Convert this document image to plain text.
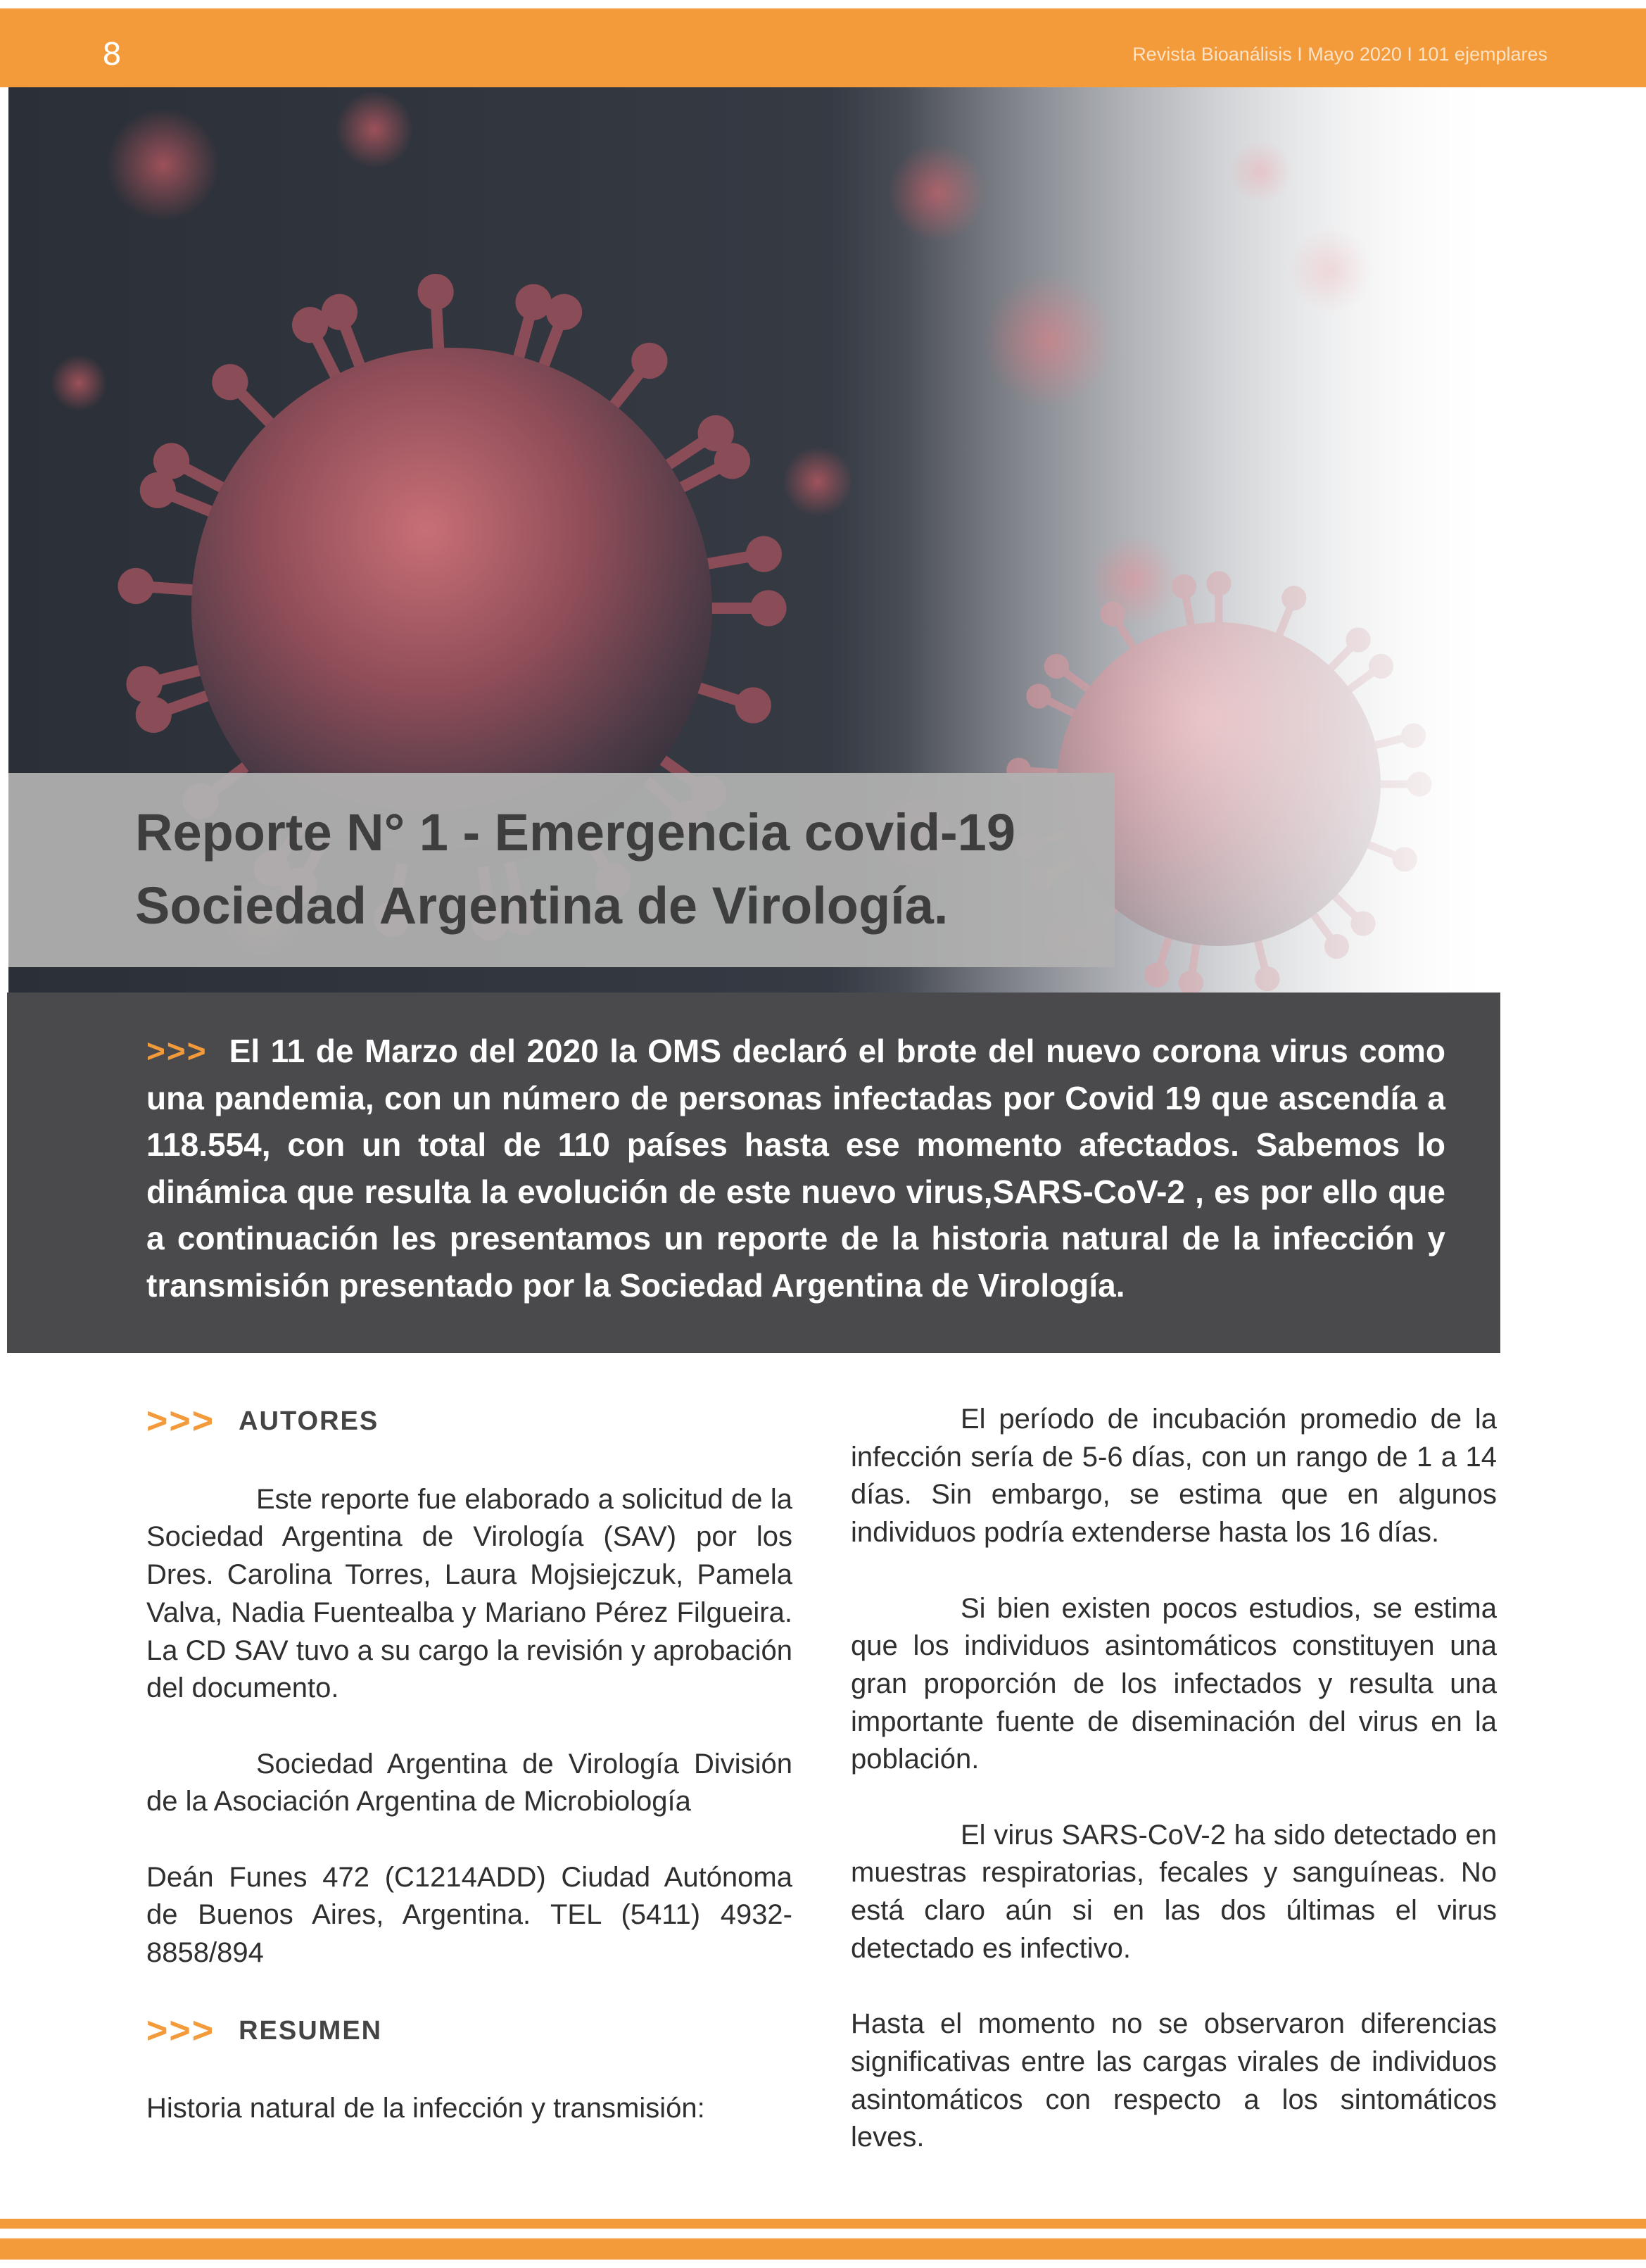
8	Revista Bioanálisis I Mayo 2020 I 101 ejemplares
Reporte N° 1 - Emergencia covid-19
Sociedad Argentina de Virología.
>>> El 11 de Marzo del 2020 la OMS declaró el brote del nuevo corona virus como una pandemia, con un número de personas infectadas por Covid 19 que ascendía a 118.554, con un total de 110 países hasta ese momento afectados. Sabemos lo dinámica que resulta la evolución de este nuevo virus,SARS-CoV-2 , es por ello que a continuación les presentamos un reporte de la historia natural de la infección y transmisión presentado por la Sociedad Argentina de Virología.
>>> AUTORES

Este reporte fue elaborado a solicitud de la Sociedad Argentina de Virología (SAV) por los Dres. Carolina Torres, Laura Mojsiejczuk, Pamela Valva, Nadia Fuentealba y Mariano Pérez Filgueira. La CD SAV tuvo a su cargo la revisión y aprobación del documento.

Sociedad Argentina de Virología División de la Asociación Argentina de Microbiología

Deán Funes 472 (C1214ADD) Ciudad Autónoma de Buenos Aires, Argentina. TEL (5411) 4932-8858/894

>>> RESUMEN

Historia natural de la infección y transmisión:

El período de incubación promedio de la infección sería de 5-6 días, con un rango de 1 a 14 días. Sin embargo, se estima que en algunos individuos podría extenderse hasta los 16 días.

Si bien existen pocos estudios, se estima que los individuos asintomáticos constituyen una gran proporción de los infectados y resulta una importante fuente de diseminación del virus en la población.

El virus SARS-CoV-2 ha sido detectado en muestras respiratorias, fecales y sanguíneas. No está claro aún si en las dos últimas el virus detectado es infectivo.

Hasta el momento no se observaron diferencias significativas entre las cargas virales de individuos asintomáticos con respecto a los sintomáticos leves.
